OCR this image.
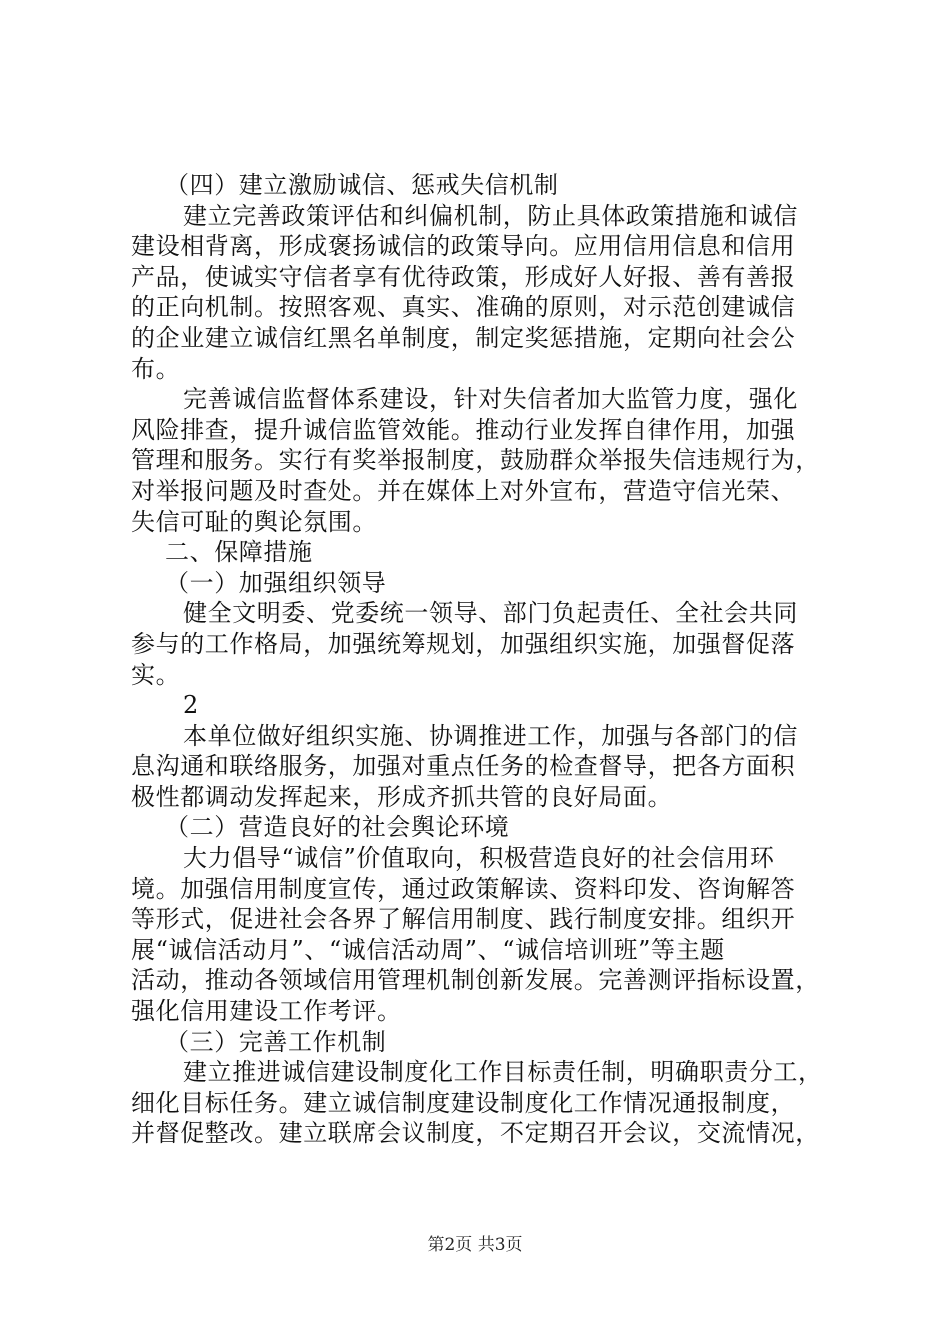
（四）建立激励诚信、惩戒失信机制
建立完善政策评估和纠偏机制，防止具体政策措施和诚信
建设相背离，形成褒扬诚信的政策导向。应用信用信息和信用
产品，使诚实守信者享有优待政策，形成好人好报、善有善报
的正向机制。按照客观、真实、准确的原则，对示范创建诚信
的企业建立诚信红黑名单制度，制定奖惩措施，定期向社会公
布。
完善诚信监督体系建设，针对失信者加大监管力度，强化
风险排查，提升诚信监管效能。推动行业发挥自律作用，加强
管理和服务。实行有奖举报制度，鼓励群众举报失信违规行为，
对举报问题及时查处。并在媒体上对外宣布，营造守信光荣、
失信可耻的舆论氛围。
二、保障措施
（一）加强组织领导
健全文明委、党委统一领导、部门负起责任、全社会共同
参与的工作格局，加强统筹规划，加强组织实施，加强督促落
实。
2
本单位做好组织实施、协调推进工作，加强与各部门的信
息沟通和联络服务，加强对重点任务的检查督导，把各方面积
极性都调动发挥起来，形成齐抓共管的良好局面。
（二）营造良好的社会舆论环境
大力倡导“诚信”价值取向，积极营造良好的社会信用环
境。加强信用制度宣传，通过政策解读、资料印发、咨询解答
等形式，促进社会各界了解信用制度、践行制度安排。组织开
展“诚信活动月”、“诚信活动周”、“诚信培训班”等主题
活动，推动各领域信用管理机制创新发展。完善测评指标设置，
强化信用建设工作考评。
（三）完善工作机制
建立推进诚信建设制度化工作目标责任制，明确职责分工，
细化目标任务。建立诚信制度建设制度化工作情况通报制度，
并督促整改。建立联席会议制度，不定期召开会议，交流情况，
第2页 共3页
